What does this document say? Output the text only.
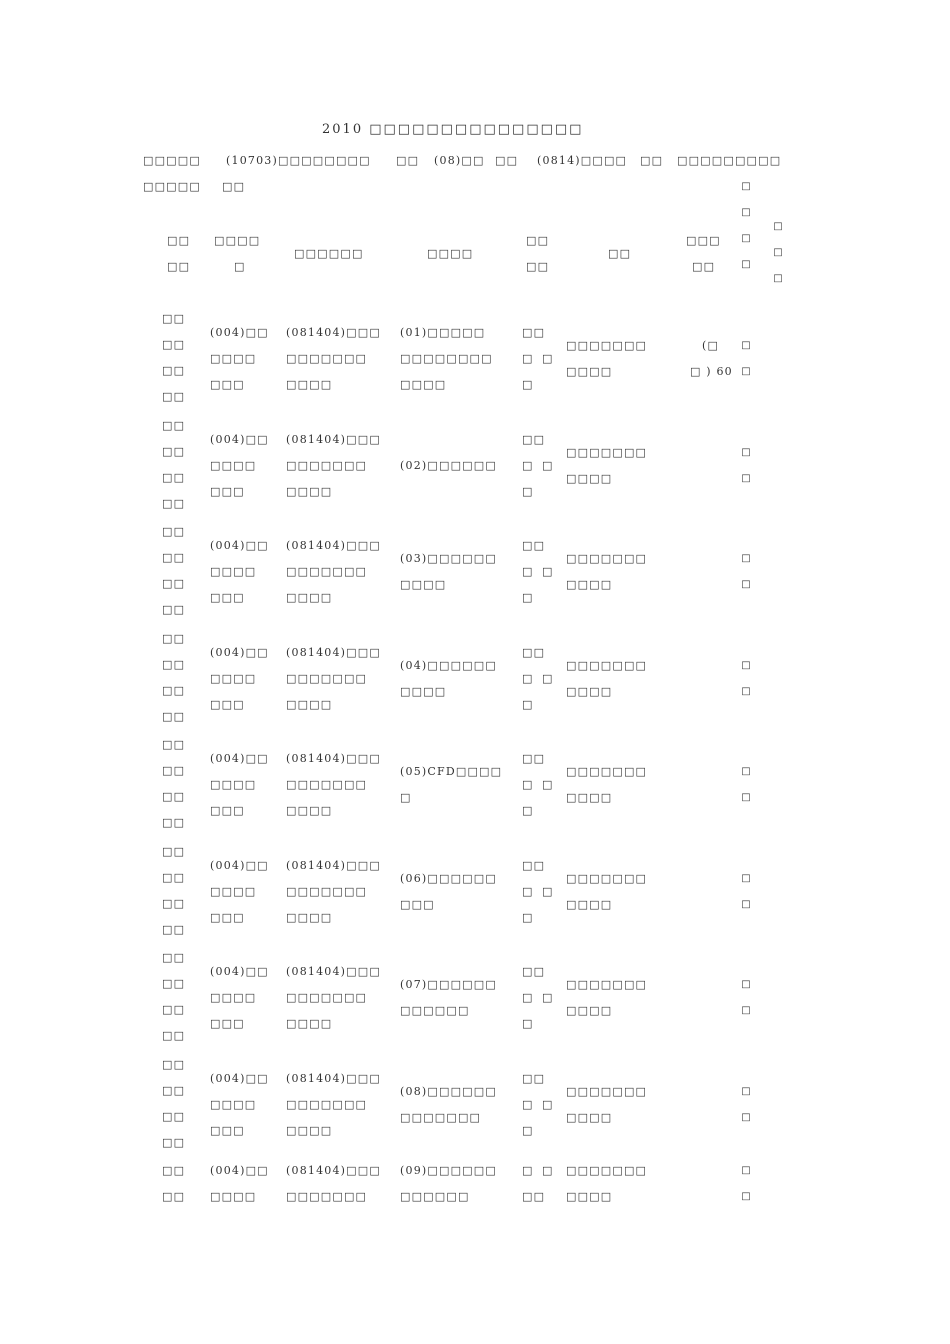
2010 □□□□□□□□□□□□□□□
□□□□□ (10703)□□□□□□□□ □□ (08)□□ □□ (0814)□□□□ □□ □□□□□□□□□
□□□□□ □□
□□
□□
□□□□
□
□□□□□□	□□□□
□□
□□
□□
□□□
□□
□
□
□
□
□
□
□
□□
□□
□□
□□
(004)□□
□□□□
□□□
(081404)□□□
□□□□□□□
□□□□
(01)□□□□□
□□□□□□□□
□□□□
□□
□
□
□
□□□□□□□
□□□□
(□
□ ) 60
□
□
□□
□□
□□
□□
(004)□□
□□□□
□□□
(081404)□□□
□□□□□□□
□□□□
(02)□□□□□□
□□
□
□
□
□□□□□□□
□□□□
□
□
□□
□□
□□
□□
(004)□□
□□□□
□□□
(081404)□□□
□□□□□□□
□□□□
(03)□□□□□□
□□□□
□□
□
□
□
□□□□□□□
□□□□
□
□
□□
□□
□□
□□
(004)□□
□□□□
□□□
(081404)□□□
□□□□□□□
□□□□
(04)□□□□□□
□□□□
□□
□
□
□
□□□□□□□
□□□□
□
□
□□
□□
□□
□□
(004)□□
□□□□
□□□
(081404)□□□
□□□□□□□
□□□□
(05)CFD□□□□
□
□□
□
□
□
□□□□□□□
□□□□
□
□
□□
□□
□□
□□
(004)□□
□□□□
□□□
(081404)□□□
□□□□□□□
□□□□
(06)□□□□□□
□□□
□□
□
□
□
□□□□□□□
□□□□
□
□
□□
□□
□□
□□
(004)□□
□□□□
□□□
(081404)□□□
□□□□□□□
□□□□
(07)□□□□□□
□□□□□□
□□
□
□
□
□□□□□□□
□□□□
□
□
□□
□□
□□
□□
(004)□□
□□□□
□□□
(081404)□□□
□□□□□□□
□□□□
(08)□□□□□□
□□□□□□□
□□
□
□
□
□□□□□□□
□□□□
□
□
□□
□□
(004)□□
□□□□
(081404)□□□
□□□□□□□
(09)□□□□□□
□□□□□□
□ □
□□
□□□□□□□
□□□□
□
□
